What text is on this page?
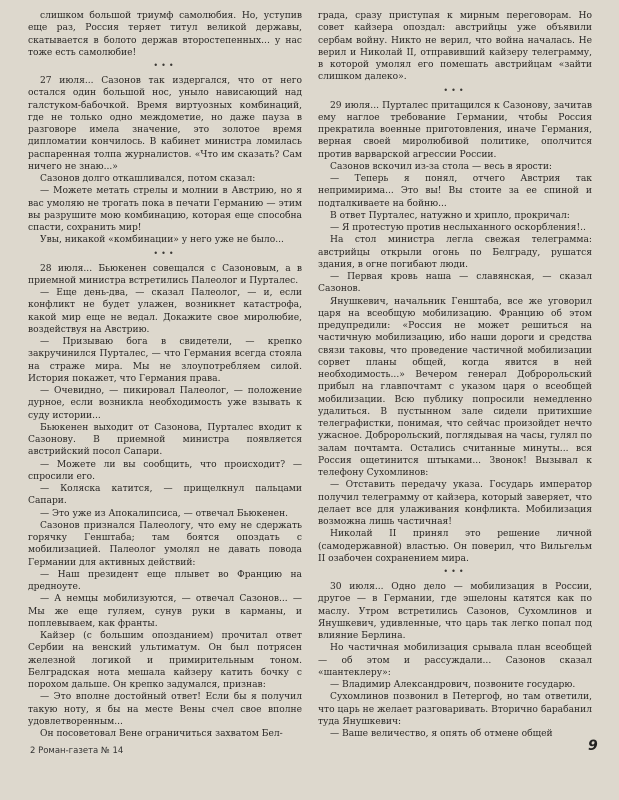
слишком большой триумф самолюбия. Но, уступив еще раз, Россия теряет титул великой державы, скатывается в болото держав второстепенных... у нас тоже есть самолюбие!

•••

27 июля... Сазонов так издергался, что от него остался один большой нос, уныло нависающий над галстуком-бабочкой. Время виртуозных комбинаций, где не только одно междометие, но даже пауза в разговоре имела значение, это золотое время дипломатии кончилось. В кабинет министра ломилась распаренная толпа журналистов. «Что им сказать? Сам ничего не знаю...»

Сазонов долго откашливался, потом сказал:

— Можете метать стрелы и молнии в Австрию, но я вас умоляю не трогать пока в печати Германию — этим вы разрушите мою комбинацию, которая еще способна спасти, сохранить мир!

Увы, никакой «комбинации» у него уже не было...

•••

28 июля... Бьюкенен совещался с Сазоновым, а в приемной министра встретились Палеолог и Пурталес.

— Еще день-два, — сказал Палеолог, — и, если конфликт не будет улажен, возникнет катастрофа, какой мир еще не ведал. Докажите свое миролюбие, воздействуя на Австрию.

— Призываю бога в свидетели, — крепко закручинился Пурталес, — что Германия всегда стояла на страже мира. Мы не злоупотребляем силой. История покажет, что Германия права.

— Очевидно, — пикировал Палеолог, — положение дурное, если возникла необходимость уже взывать к суду истории...

Бьюкенен выходит от Сазонова, Пурталес входит к Сазонову. В приемной министра появляется австрийский посол Сапари.

— Можете ли вы сообщить, что происходит? — спросили его.

— Коляска катится, — прищелкнул пальцами Сапари.

— Это уже из Апокалипсиса, — отвечал Бьюкенен.

Сазонов признался Палеологу, что ему не сдержать горячку Генштаба; там боятся опоздать с мобилизацией. Палеолог умолял не давать повода Германии для активных действий:

— Наш президент еще плывет во Францию на дредноуте.

— А немцы мобилизуются, — отвечал Сазонов... — Мы же еще гуляем, сунув руки в карманы, и поплевываем, как франты.

Кайзер (с большим опозданием) прочитал ответ Сербии на венский ультиматум. Он был потрясен железной логикой и примирительным тоном. Белградская нота мешала кайзеру катить бочку с порохом дальше. Он крепко задумался, признав:

— Это вполне достойный ответ! Если бы я получил такую ноту, я бы на месте Вены счел свое вполне удовлетворенным...

Он посоветовал Вене ограничиться захватом Бел-

града, сразу приступая к мирным переговорам. Но совет кайзера опоздал: австрийцы уже объявили сербам войну. Никто не верил, что война началась. Не верил и Николай II, отправивший кайзеру телеграмму, в которой умолял его помешать австрийцам «зайти слишком далеко».

•••

29 июля... Пурталес притащился к Сазонову, зачитав ему наглое требование Германии, чтобы Россия прекратила военные приготовления, иначе Германия, верная своей миролюбивой политике, ополчится против варварской агрессии России.

Сазонов вскочил из-за стола — весь в ярости:

— Теперь я понял, отчего Австрия так непримирима... Это вы! Вы стоите за ее спиной и подталкиваете на бойню...

В ответ Пурталес, натужно и хрипло, прокричал:

— Я протестую против неслыханного оскорбления!..

На стол министра легла свежая телеграмма: австрийцы открыли огонь по Белграду, рушатся здания, в огне погибают люди.

— Первая кровь наша — славянская, — сказал Сазонов.

Янушкевич, начальник Генштаба, все же уговорил царя на всеобщую мобилизацию. Францию об этом предупредили: «Россия не может решиться на частичную мобилизацию, ибо наши дороги и средства связи таковы, что проведение частичной мобилизации сорвет планы общей, когда явится в ней необходимость...» Вечером генерал Добророльский прибыл на главпочтамт с указом царя о всеобщей мобилизации. Всю публику попросили немедленно удалиться. В пустынном зале сидели притихшие телеграфистки, понимая, что сейчас произойдет нечто ужасное. Добророльский, поглядывая на часы, гулял по залам почтамта. Остались считанные минуты... вся Россия ощетинится штыками... Звонок! Вызывал к телефону Сухомлинов:

— Отставить передачу указа. Государь император получил телеграмму от кайзера, который заверяет, что делает все для улаживания конфликта. Мобилизация возможна лишь частичная!

Николай II принял это решение личной (самодержавной) властью. Он поверил, что Вильгельм II озабочен сохранением мира.

•••

30 июля... Одно дело — мобилизация в России, другое — в Германии, где эшелоны катятся как по маслу. Утром встретились Сазонов, Сухомлинов и Янушкевич, удивленные, что царь так легко попал под влияние Берлина.

Но частичная мобилизация срывала план всеобщей — об этом и рассуждали... Сазонов сказал «шантеклеру»:

— Владимир Александрович, позвоните государю.

Сухомлинов позвонил в Петергоф, но там ответили, что царь не желает разговаривать. Вторично барабанил туда Янушкевич:

— Ваше величество, я опять об отмене общей

2 Роман-газета № 14	9
